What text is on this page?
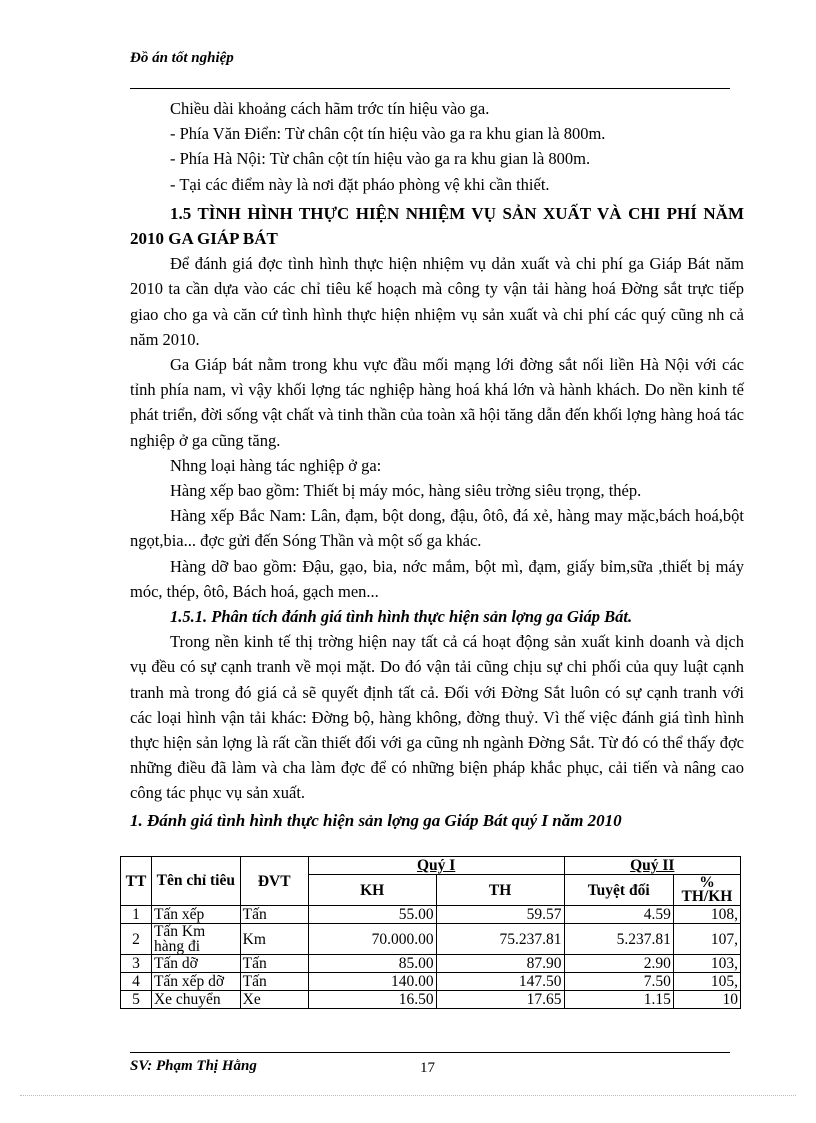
Đồ án tốt nghiệp

Chiều dài khoảng cách hãm trớc tín hiệu vào ga.

- Phía Văn Điển: Từ chân cột tín hiệu vào ga ra khu gian là 800m.

- Phía Hà Nội: Từ chân cột tín hiệu vào ga ra khu gian là 800m.

- Tại các điểm này là nơi đặt pháo phòng vệ khi cần thiết.

1.5 TÌNH HÌNH THỰC HIỆN NHIỆM VỤ SẢN XUẤT VÀ CHI PHÍ NĂM 2010 GA GIÁP BÁT

Để đánh giá đợc tình hình thực hiện nhiệm vụ dản xuất và chi phí ga Giáp Bát năm 2010 ta cần dựa vào các chỉ tiêu kế hoạch mà công ty vận tải hàng hoá Đờng sắt trực tiếp giao cho ga và căn cứ tình hình thực hiện nhiệm vụ sản xuất và chi phí các quý cũng nh cả năm 2010.

Ga Giáp bát nằm trong khu vực đầu mối mạng lới đờng sắt nối liền Hà Nội với các tỉnh phía nam, vì vậy khối lợng tác nghiệp hàng hoá khá lớn và hành khách. Do nền kinh tế phát triển, đời sống vật chất và tinh thần của toàn xã hội tăng dẫn đến khối lợng hàng hoá tác nghiệp ở ga cũng tăng.

Nhng loại hàng tác nghiệp ở ga:

Hàng xếp bao gồm: Thiết bị máy móc, hàng siêu trờng siêu trọng, thép.

Hàng xếp Bắc Nam: Lân, đạm, bột dong, đậu, ôtô, đá xẻ, hàng may mặc,bách hoá,bột ngọt,bia... đợc gửi đến Sóng Thần và một số ga khác.

Hàng dỡ bao gồm: Đậu, gạo, bia, nớc mắm, bột mì, đạm, giấy bỉm,sữa ,thiết bị máy móc, thép, ôtô, Bách hoá, gạch men...

1.5.1. Phân tích đánh giá tình hình thực hiện sản lợng ga Giáp Bát.

Trong nền kinh tế thị trờng hiện nay tất cả cá hoạt động sản xuất kinh doanh và dịch vụ đều có sự cạnh tranh về mọi mặt. Do đó vận tải cũng chịu sự chi phối của quy luật cạnh tranh mà trong đó giá cả sẽ quyết định tất cả. Đối với Đờng Sắt luôn có sự cạnh tranh với các loại hình vận tải khác: Đờng bộ, hàng không, đờng thuỷ. Vì thế việc đánh giá tình hình thực hiện sản lợng là rất cần thiết đối với ga cũng nh ngành Đờng Sắt. Từ đó có thể thấy đợc những điều đã làm và cha làm đợc để có những biện pháp khắc phục, cải tiến và nâng cao công tác phục vụ sản xuất.

1. Đánh giá tình hình thực hiện sản lợng ga Giáp Bát quý I năm 2010

TT	Tên chỉ tiêu	ĐVT	Quý I		Quý II	
			KH	TH	Tuyệt đối	% TH/KH
1	Tấn xếp	Tấn	55.00	59.57	4.59	108,
2	Tấn Km hàng đi	Km	70.000.00	75.237.81	5.237.81	107,
3	Tấn dỡ	Tấn	85.00	87.90	2.90	103,
4	Tấn xếp dỡ	Tấn	140.00	147.50	7.50	105,
5	Xe chuyển	Xe	16.50	17.65	1.15	10
SV: Phạm Thị Hằng	17
